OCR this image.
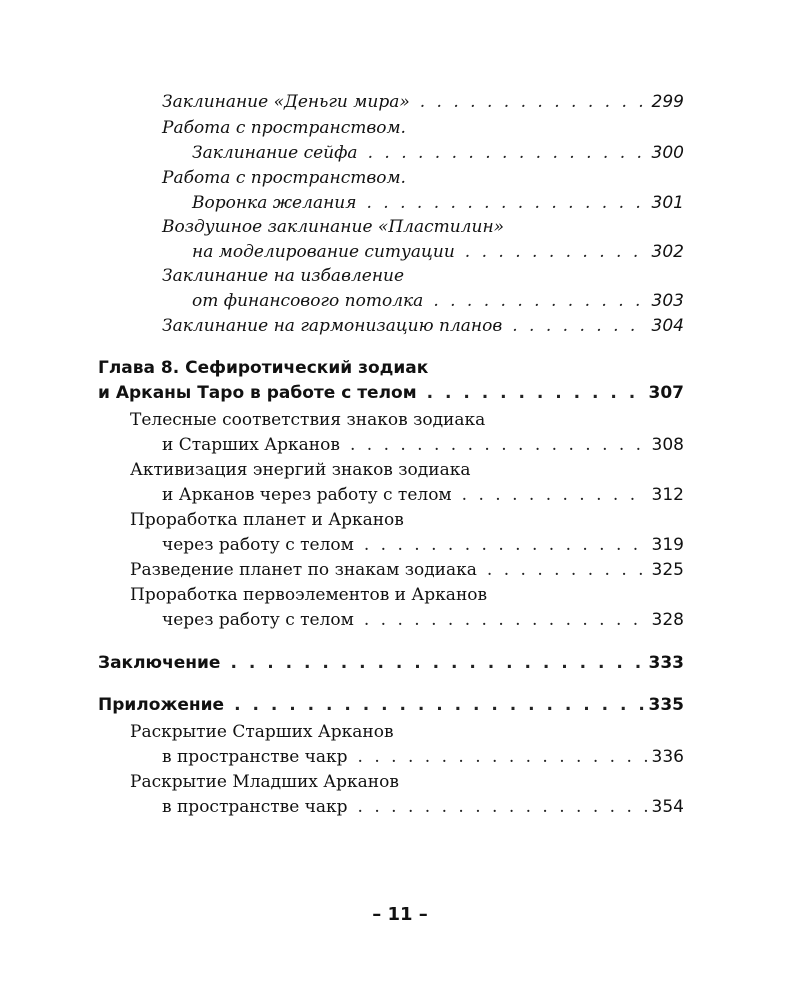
Заклинание «Деньги мира» . . .	299
Работа с пространством.
Заклинание сейфа . . .	300
Работа с пространством.
Воронка желания . . .	301
Воздушное заклинание «Пластилин»
на моделирование ситуации . . .	302
Заклинание на избавление
от финансового потолка . . .	303
Заклинание на гармонизацию планов . . .	304
Глава 8. Сефиротический зодиак
и Арканы Таро в работе с телом . . .	307
Телесные соответствия знаков зодиака
и Старших Арканов . . .	308
Активизация энергий знаков зодиака
и Арканов через работу с телом . . .	312
Проработка планет и Арканов
через работу с телом . . .	319
Разведение планет по знакам зодиака . . .	325
Проработка первоэлементов и Арканов
через работу с телом . . .	328
Заключение . . .	333
Приложение . . .	335
Раскрытие Старших Арканов
в пространстве чакр . . .	336
Раскрытие Младших Арканов
в пространстве чакр . . .	354
– 11 –
